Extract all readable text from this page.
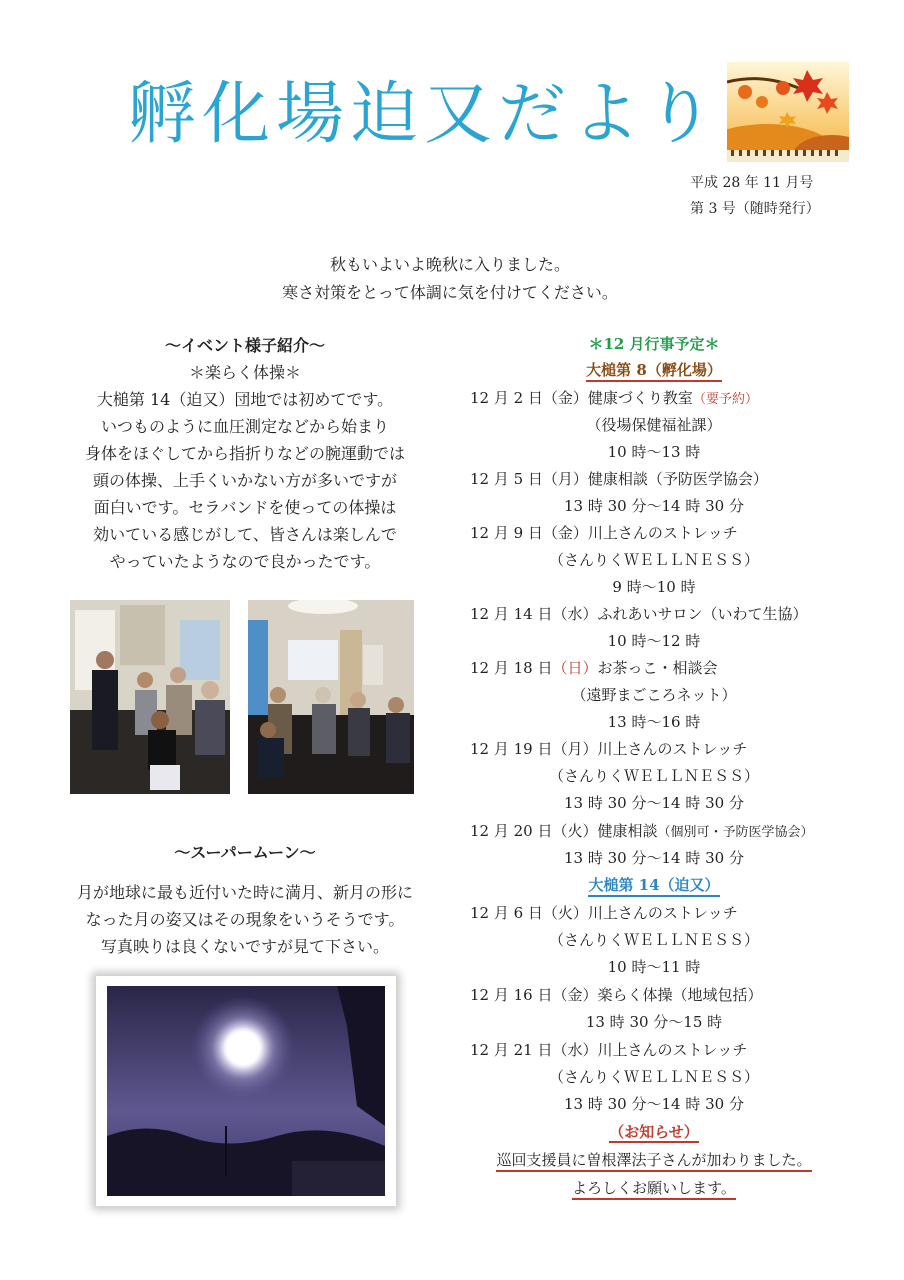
孵化場迫又だより
平成 28 年 11 月号
第 3 号（随時発行）
秋もいよいよ晩秋に入りました。
寒さ対策をとって体調に気を付けてください。
～イベント様子紹介～
＊楽らく体操＊
大槌第 14（迫又）団地では初めてです。
いつものように血圧測定などから始まり
身体をほぐしてから指折りなどの腕運動では
頭の体操、上手くいかない方が多いですが
面白いです。セラバンドを使っての体操は
効いている感じがして、皆さんは楽しんで
やっていたようなので良かったです。
～スーパームーン～
月が地球に最も近付いた時に満月、新月の形に
なった月の姿又はその現象をいうそうです。
写真映りは良くないですが見て下さい。
＊12 月行事予定＊
大槌第 8（孵化場）
12 月 2 日（金）健康づくり教室（要予約）
（役場保健福祉課）
10 時～13 時
12 月 5 日（月）健康相談（予防医学協会）
13 時 30 分～14 時 30 分
12 月 9 日（金）川上さんのストレッチ
（さんりくＷＥＬＬＮＥＳＳ）
9 時～10 時
12 月 14 日（水）ふれあいサロン（いわて生協）
10 時～12 時
12 月 18 日（日）お茶っこ・相談会
（遠野まごころネット）
13 時～16 時
12 月 19 日（月）川上さんのストレッチ
（さんりくＷＥＬＬＮＥＳＳ）
13 時 30 分～14 時 30 分
12 月 20 日（火）健康相談（個別可・予防医学協会）
13 時 30 分～14 時 30 分
大槌第 14（迫又）
12 月 6 日（火）川上さんのストレッチ
（さんりくＷＥＬＬＮＥＳＳ）
10 時～11 時
12 月 16 日（金）楽らく体操（地域包括）
13 時 30 分～15 時
12 月 21 日（水）川上さんのストレッチ
（さんりくＷＥＬＬＮＥＳＳ）
13 時 30 分～14 時 30 分
（お知らせ）
巡回支援員に曽根澤法子さんが加わりました。
よろしくお願いします。
